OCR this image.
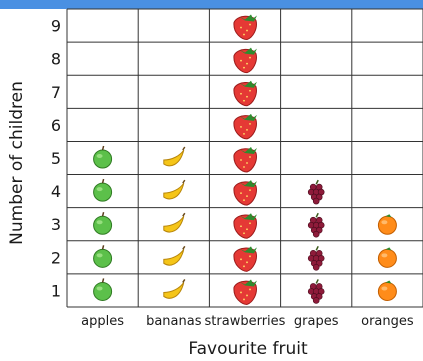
1
2
3
4
5
6
7
8
9
apples bananas strawberries grapes oranges
Favourite fruit
Number of children
